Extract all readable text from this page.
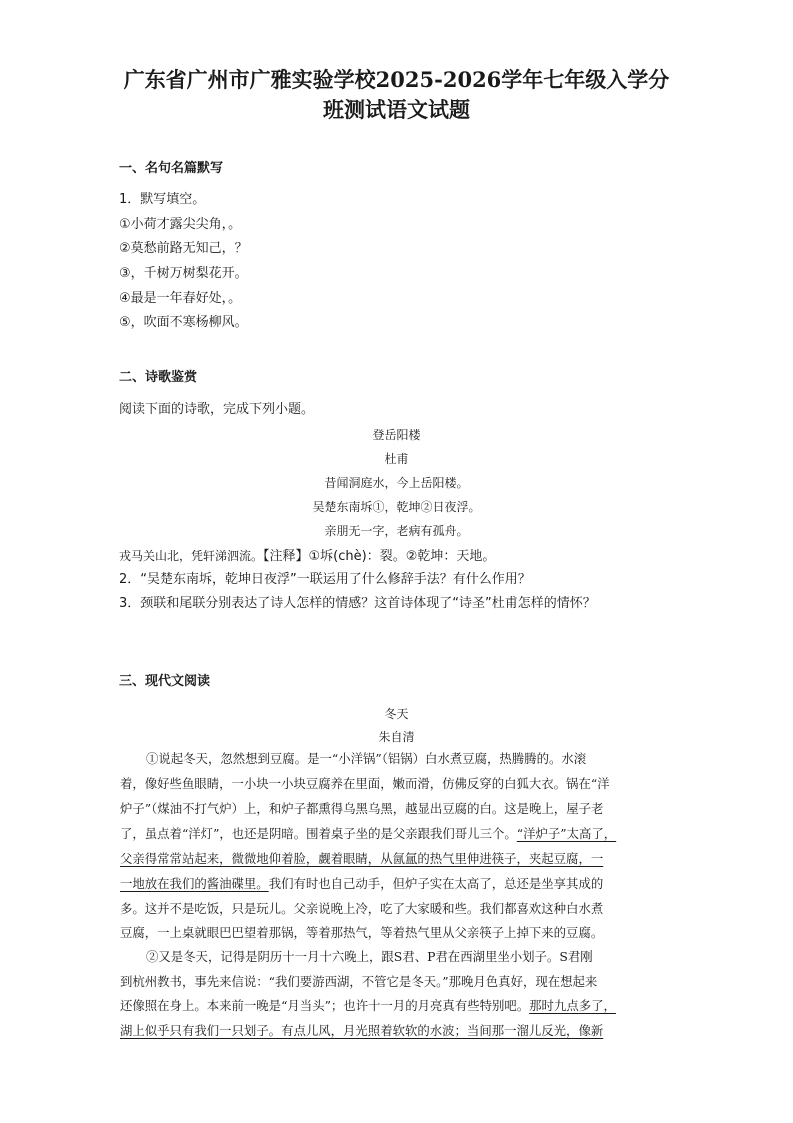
广东省广州市广雅实验学校2025-2026学年七年级入学分
班测试语文试题
一、名句名篇默写
1．默写填空。
①小荷才露尖尖角，。
②莫愁前路无知己，？
③，千树万树梨花开。
④最是一年春好处，。
⑤，吹面不寒杨柳风。
二、诗歌鉴赏
阅读下面的诗歌，完成下列小题。
登岳阳楼
杜甫
昔闻洞庭水，今上岳阳楼。
吴楚东南坼①，乾坤②日夜浮。
亲朋无一字，老病有孤舟。
戎马关山北，凭轩涕泗流。【注释】①坼(chè)：裂。②乾坤：天地。
2．“吴楚东南坼，乾坤日夜浮”一联运用了什么修辞手法？有什么作用？
3．颈联和尾联分别表达了诗人怎样的情感？这首诗体现了“诗圣”杜甫怎样的情怀？
三、现代文阅读
冬天
朱自清
①说起冬天，忽然想到豆腐。是一“小洋锅”（铝锅）白水煮豆腐，热腾腾的。水滚
着，像好些鱼眼睛，一小块一小块豆腐养在里面，嫩而滑，仿佛反穿的白狐大衣。锅在“洋
炉子”（煤油不打气炉）上，和炉子都熏得乌黑乌黑，越显出豆腐的白。这是晚上，屋子老
了，虽点着“洋灯”，也还是阴暗。围着桌子坐的是父亲跟我们哥儿三个。“洋炉子”太高了，
父亲得常常站起来，微微地仰着脸，觑着眼睛，从氤氲的热气里伸进筷子，夹起豆腐，一
一地放在我们的酱油碟里。我们有时也自己动手，但炉子实在太高了，总还是坐享其成的
多。这并不是吃饭，只是玩儿。父亲说晚上冷，吃了大家暖和些。我们都喜欢这种白水煮
豆腐，一上桌就眼巴巴望着那锅，等着那热气，等着热气里从父亲筷子上掉下来的豆腐。
②又是冬天，记得是阴历十一月十六晚上，跟S君、P君在西湖里坐小划子。S君刚
到杭州教书，事先来信说：“我们要游西湖，不管它是冬天。”那晚月色真好，现在想起来
还像照在身上。本来前一晚是“月当头”；也许十一月的月亮真有些特别吧。那时九点多了，
湖上似乎只有我们一只划子。有点儿风，月光照着软软的水波；当间那一溜儿反光，像新
